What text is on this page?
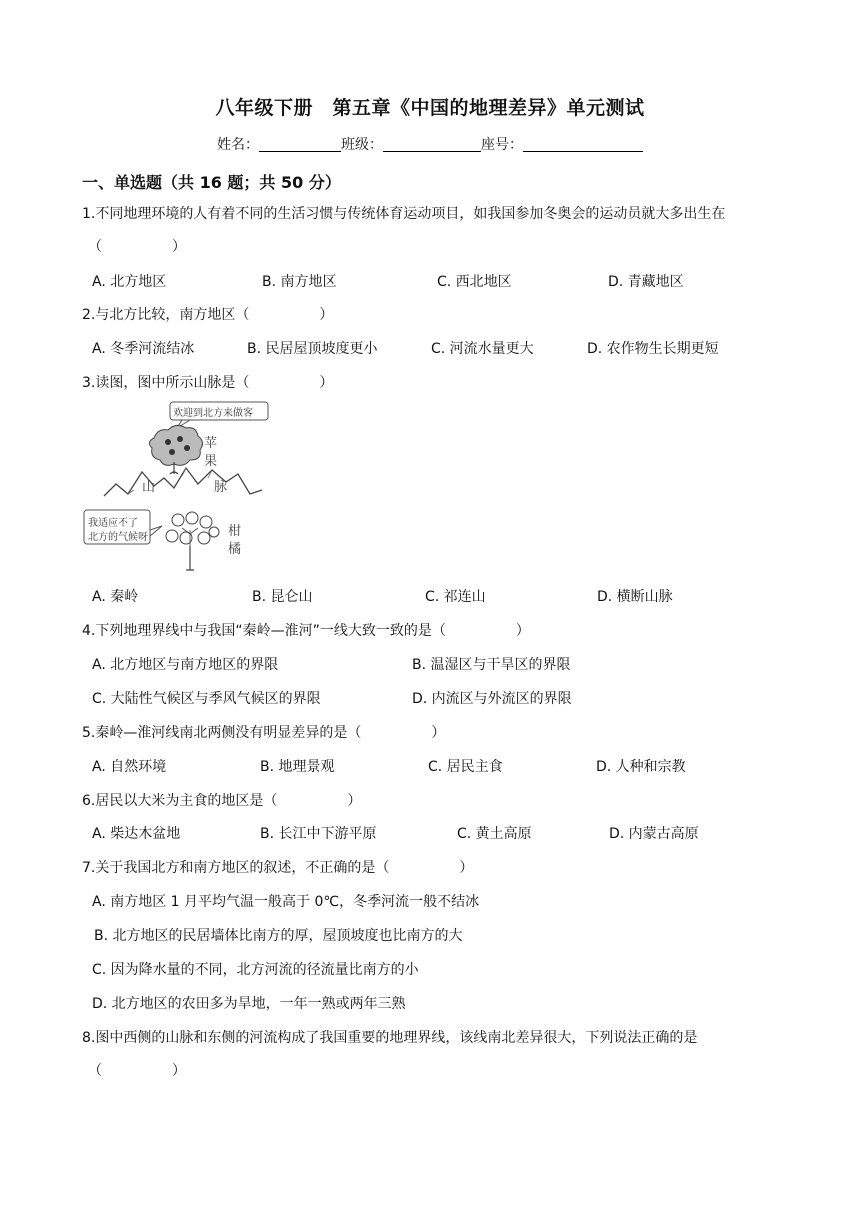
八年级下册　第五章《中国的地理差异》单元测试
姓名：	班级：	座号：
一、单选题（共 16 题；共 50 分）
1.不同地理环境的人有着不同的生活习惯与传统体育运动项目，如我国参加冬奥会的运动员就大多出生在
（　　　　　）
A. 北方地区	B. 南方地区	C. 西北地区	D. 青藏地区
2.与北方比较，南方地区（　　　　　）
A. 冬季河流结冰	B. 民居屋顶坡度更小	C. 河流水量更大	D. 农作物生长期更短
3.读图，图中所示山脉是（　　　　　）
欢迎到北方来做客
苹
果
山	脉
我适应不了
北方的气候呀	柑
橘
A. 秦岭	B. 昆仑山	C. 祁连山	D. 横断山脉
4.下列地理界线中与我国“秦岭—淮河”一线大致一致的是（　　　　　）
A. 北方地区与南方地区的界限	B. 温湿区与干旱区的界限
C. 大陆性气候区与季风气候区的界限	D. 内流区与外流区的界限
5.秦岭—淮河线南北两侧没有明显差异的是（　　　　　）
A. 自然环境	B. 地理景观	C. 居民主食	D. 人种和宗教
6.居民以大米为主食的地区是（　　　　　）
A. 柴达木盆地	B. 长江中下游平原	C. 黄土高原	D. 内蒙古高原
7.关于我国北方和南方地区的叙述，不正确的是（　　　　　）
A. 南方地区 1 月平均气温一般高于 0℃，冬季河流一般不结冰
B. 北方地区的民居墙体比南方的厚，屋顶坡度也比南方的大
C. 因为降水量的不同，北方河流的径流量比南方的小
D. 北方地区的农田多为旱地，一年一熟或两年三熟
8.图中西侧的山脉和东侧的河流构成了我国重要的地理界线，该线南北差异很大，下列说法正确的是
（　　　　　）
